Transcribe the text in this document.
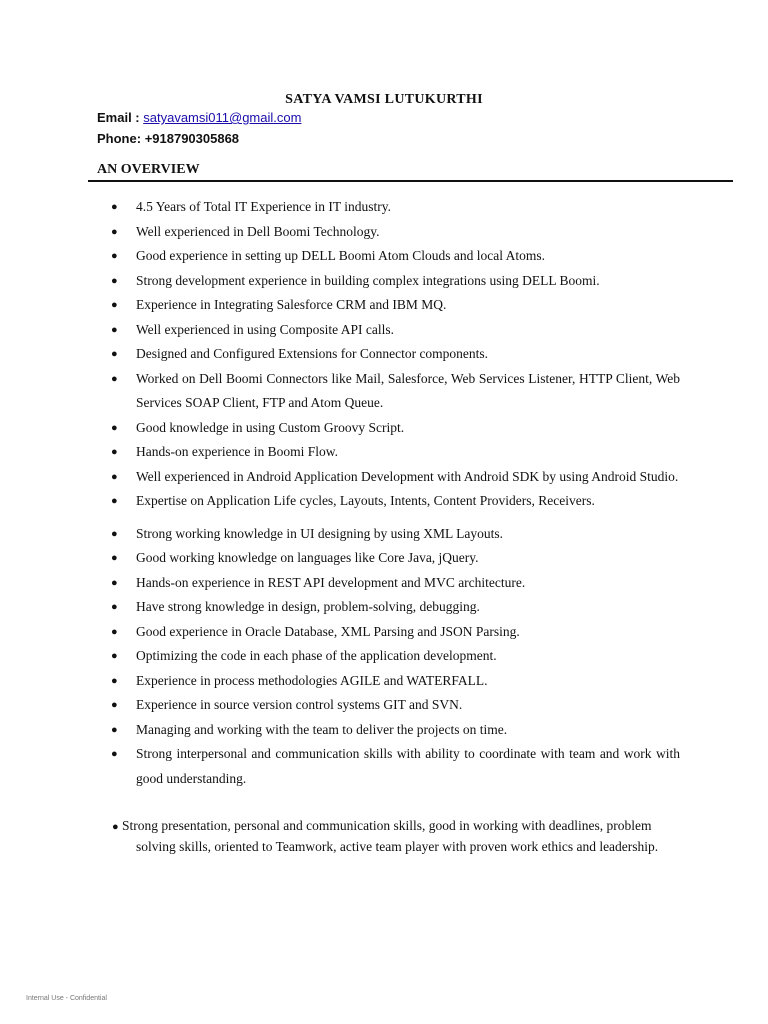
SATYA VAMSI LUTUKURTHI
Email : satyavamsi011@gmail.com
Phone: +918790305868
AN OVERVIEW
● 4.5 Years of Total IT Experience in IT industry.
● Well experienced in Dell Boomi Technology.
● Good experience in setting up DELL Boomi Atom Clouds and local Atoms.
● Strong development experience in building complex integrations using DELL Boomi.
● Experience in Integrating Salesforce CRM and IBM MQ.
● Well experienced in using Composite API calls.
● Designed and Configured Extensions for Connector components.
● Worked on Dell Boomi Connectors like Mail, Salesforce, Web Services Listener, HTTP Client, Web Services SOAP Client, FTP and Atom Queue.
● Good knowledge in using Custom Groovy Script.
● Hands-on experience in Boomi Flow.
● Well experienced in Android Application Development with Android SDK by using Android Studio.
● Expertise on Application Life cycles, Layouts, Intents, Content Providers, Receivers.
● Strong working knowledge in UI designing by using XML Layouts.
● Good working knowledge on languages like Core Java, jQuery.
● Hands-on experience in REST API development and MVC architecture.
● Have strong knowledge in design, problem-solving, debugging.
● Good experience in Oracle Database, XML Parsing and JSON Parsing.
● Optimizing the code in each phase of the application development.
● Experience in process methodologies AGILE and WATERFALL.
● Experience in source version control systems GIT and SVN.
● Managing and working with the team to deliver the projects on time.
● Strong interpersonal and communication skills with ability to coordinate with team and work with good understanding.
● Strong presentation, personal and communication skills, good in working with deadlines, problem
solving skills, oriented to Teamwork, active team player with proven work ethics and leadership.
Internal Use - Confidential
